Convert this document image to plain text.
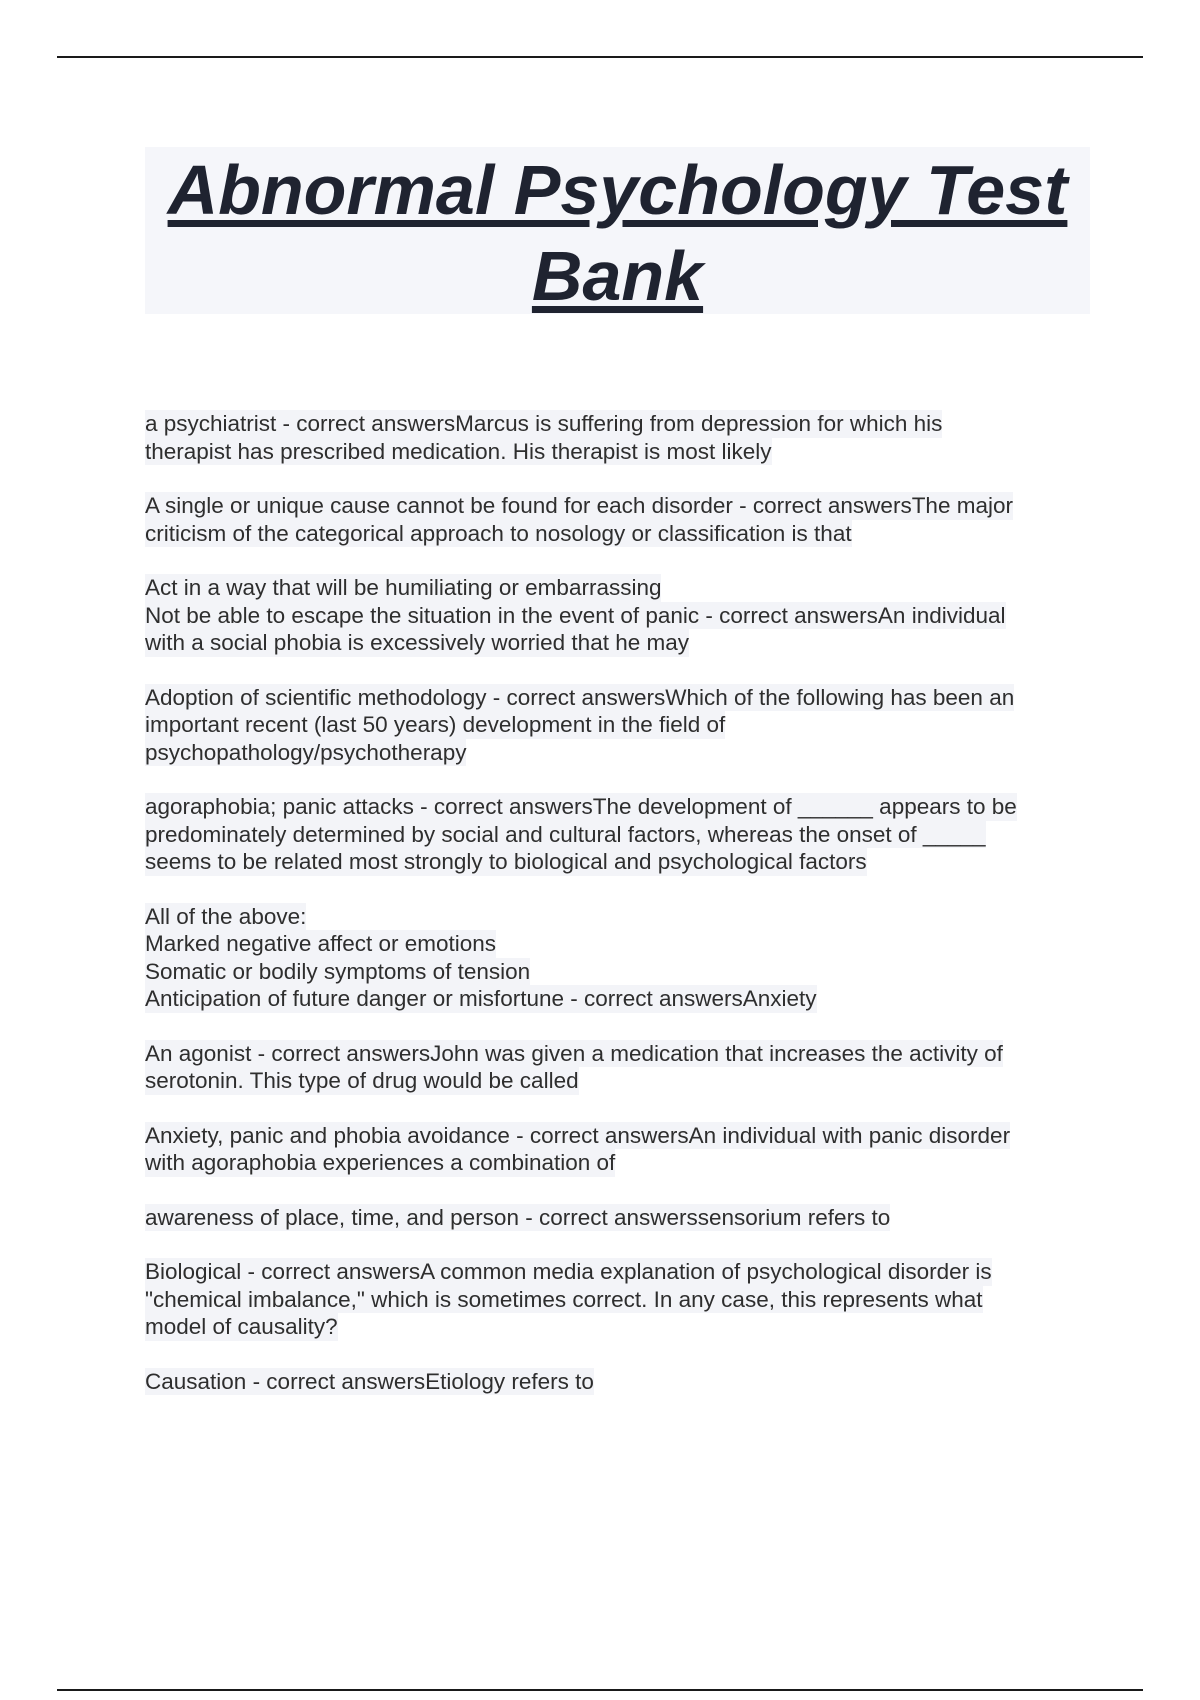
Abnormal Psychology Test
Bank
a psychiatrist - correct answersMarcus is suffering from depression for which his
therapist has prescribed medication. His therapist is most likely
A single or unique cause cannot be found for each disorder - correct answersThe major
criticism of the categorical approach to nosology or classification is that
Act in a way that will be humiliating or embarrassing
Not be able to escape the situation in the event of panic - correct answersAn individual
with a social phobia is excessively worried that he may
Adoption of scientific methodology - correct answersWhich of the following has been an
important recent (last 50 years) development in the field of
psychopathology/psychotherapy
agoraphobia; panic attacks - correct answersThe development of ______ appears to be
predominately determined by social and cultural factors, whereas the onset of _____
seems to be related most strongly to biological and psychological factors
All of the above:
Marked negative affect or emotions
Somatic or bodily symptoms of tension
Anticipation of future danger or misfortune - correct answersAnxiety
An agonist - correct answersJohn was given a medication that increases the activity of
serotonin. This type of drug would be called
Anxiety, panic and phobia avoidance - correct answersAn individual with panic disorder
with agoraphobia experiences a combination of
awareness of place, time, and person - correct answerssensorium refers to
Biological - correct answersA common media explanation of psychological disorder is
"chemical imbalance," which is sometimes correct. In any case, this represents what
model of causality?
Causation - correct answersEtiology refers to
